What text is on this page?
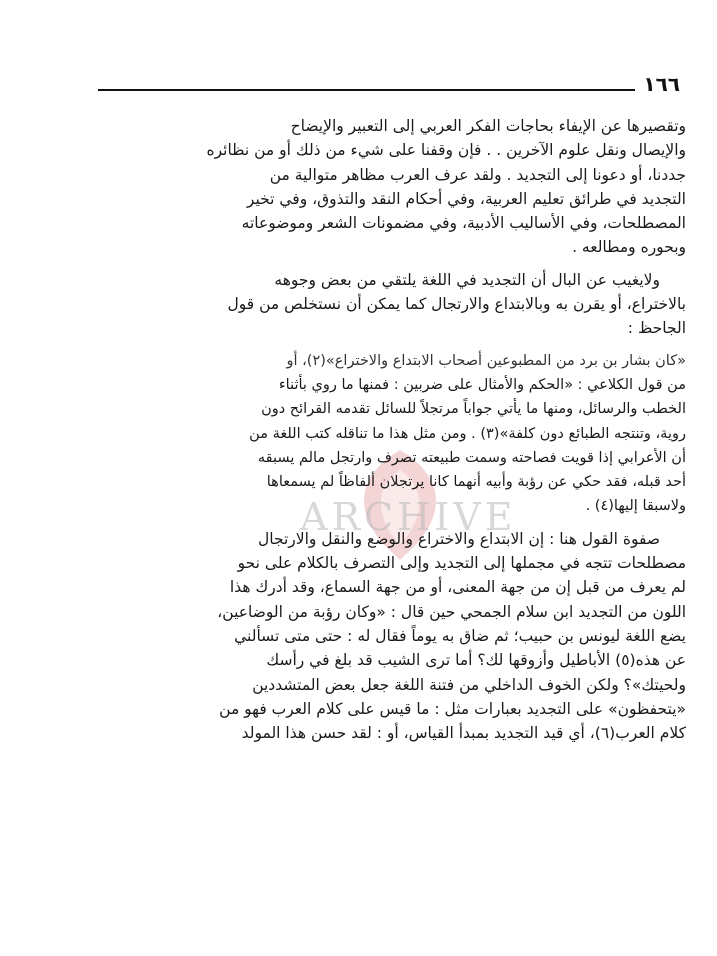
١٦٦
ARCHIVE
وتقصيرها عن الإيفاء بحاجات الفكر العربي إلى التعبير والإيضاح
والإيصال ونقل علوم الآخرين . . فإن وقفنا على شيء من ذلك أو من نظائره
جددنا، أو دعونا إلى التجديد . ولقد عرف العرب مظاهر متوالية من
التجديد في طرائق تعليم العربية، وفي أحكام النقد والتذوق، وفي تخير
المصطلحات، وفي الأساليب الأدبية، وفي مضمونات الشعر وموضوعاته
وبحوره ومطالعه .
ولايغيب عن البال أن التجديد في اللغة يلتقي من بعض وجوهه
بالاختراع، أو يقرن به وبالابتداع والارتجال كما يمكن أن نستخلص من قول
الجاحظ :
«كان بشار بن برد من المطبوعين أصحاب الابتداع والاختراع»(٢)، أو
من قول الكلاعي : «الحكم والأمثال على ضربين : فمنها ما روي بأثناء
الخطب والرسائل، ومنها ما يأتي جواباً مرتجلاً للسائل تقدمه القرائح دون
روية، وتنتجه الطبائع دون كلفة»(٣) . ومن مثل هذا ما تناقله كتب اللغة من
أن الأعرابي إذا قويت فصاحته وسمت طبيعته تصرف وارتجل مالم يسبقه
أحد قبله، فقد حكي عن رؤبة وأبيه أنهما كانا يرتجلان ألفاظاً لم يسمعاها
ولاسبقا إليها(٤) .
صفوة القول هنا : إن الابتداع والاختراع والوضع والنقل والارتجال
مصطلحات تتجه في مجملها إلى التجديد وإلى التصرف بالكلام على نحو
لم يعرف من قبل إن من جهة المعنى، أو من جهة السماع، وقد أدرك هذا
اللون من التجديد ابن سلام الجمحي حين قال : «وكان رؤبة من الوضاعين،
يضع اللغة ليونس بن حبيب؛ ثم ضاق به يوماً فقال له : حتى متى تسألني
عن هذه(٥) الأباطيل وأزوقها لك؟ أما ترى الشيب قد بلغ في رأسك
ولحيتك»؟ ولكن الخوف الداخلي من فتنة اللغة جعل بعض المتشددين
«يتحفظون» على التجديد بعبارات مثل : ما قيس على كلام العرب فهو من
كلام العرب(٦)، أي قيد التجديد بمبدأ القياس، أو : لقد حسن هذا المولد
